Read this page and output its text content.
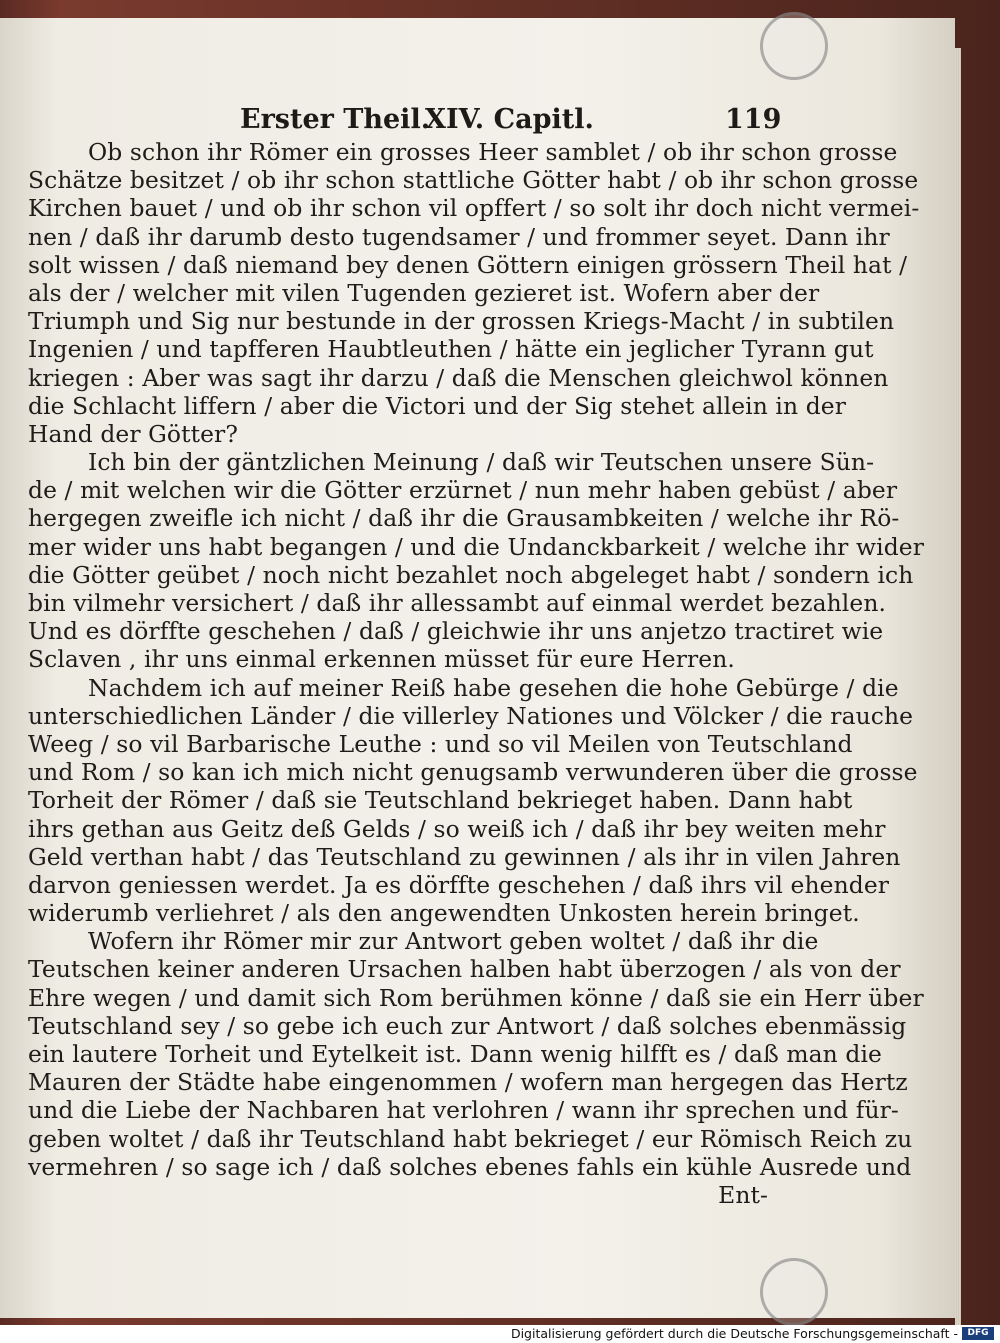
Erster Theil.
XIV. Capitl.	119
Ob schon ihr Römer ein grosses Heer samblet / ob ihr schon grosse
Schätze besitzet / ob ihr schon stattliche Götter habt / ob ihr schon grosse
Kirchen bauet / und ob ihr schon vil opffert / so solt ihr doch nicht vermei-
nen / daß ihr darumb desto tugendsamer / und frommer seyet. Dann ihr
solt wissen / daß niemand bey denen Göttern einigen grössern Theil hat /
als der / welcher mit vilen Tugenden gezieret ist. Wofern aber der
Triumph und Sig nur bestunde in der grossen Kriegs-Macht / in subtilen
Ingenien / und tapfferen Haubtleuthen / hätte ein jeglicher Tyrann gut
kriegen : Aber was sagt ihr darzu / daß die Menschen gleichwol können
die Schlacht liffern / aber die Victori und der Sig stehet allein in der
Hand der Götter?
Ich bin der gäntzlichen Meinung / daß wir Teutschen unsere Sün-
de / mit welchen wir die Götter erzürnet / nun mehr haben gebüst / aber
hergegen zweifle ich nicht / daß ihr die Grausambkeiten / welche ihr Rö-
mer wider uns habt begangen / und die Undanckbarkeit / welche ihr wider
die Götter geübet / noch nicht bezahlet noch abgeleget habt / sondern ich
bin vilmehr versichert / daß ihr allessambt auf einmal werdet bezahlen.
Und es dörffte geschehen / daß / gleichwie ihr uns anjetzo tractiret wie
Sclaven , ihr uns einmal erkennen müsset für eure Herren.
Nachdem ich auf meiner Reiß habe gesehen die hohe Gebürge / die
unterschiedlichen Länder / die villerley Nationes und Völcker / die rauche
Weeg / so vil Barbarische Leuthe : und so vil Meilen von Teutschland
und Rom / so kan ich mich nicht genugsamb verwunderen über die grosse
Torheit der Römer / daß sie Teutschland bekrieget haben. Dann habt
ihrs gethan aus Geitz deß Gelds / so weiß ich / daß ihr bey weiten mehr
Geld verthan habt / das Teutschland zu gewinnen / als ihr in vilen Jahren
darvon geniessen werdet. Ja es dörffte geschehen / daß ihrs vil ehender
widerumb verliehret / als den angewendten Unkosten herein bringet.
Wofern ihr Römer mir zur Antwort geben woltet / daß ihr die
Teutschen keiner anderen Ursachen halben habt überzogen / als von der
Ehre wegen / und damit sich Rom berühmen könne / daß sie ein Herr über
Teutschland sey / so gebe ich euch zur Antwort / daß solches ebenmässig
ein lautere Torheit und Eytelkeit ist. Dann wenig hilfft es / daß man die
Mauren der Städte habe eingenommen / wofern man hergegen das Hertz
und die Liebe der Nachbaren hat verlohren / wann ihr sprechen und für-
geben woltet / daß ihr Teutschland habt bekrieget / eur Römisch Reich zu
vermehren / so sage ich / daß solches ebenes fahls ein kühle Ausrede und
Ent-
Digitalisierung gefördert durch die Deutsche Forschungsgemeinschaft -	DFG
